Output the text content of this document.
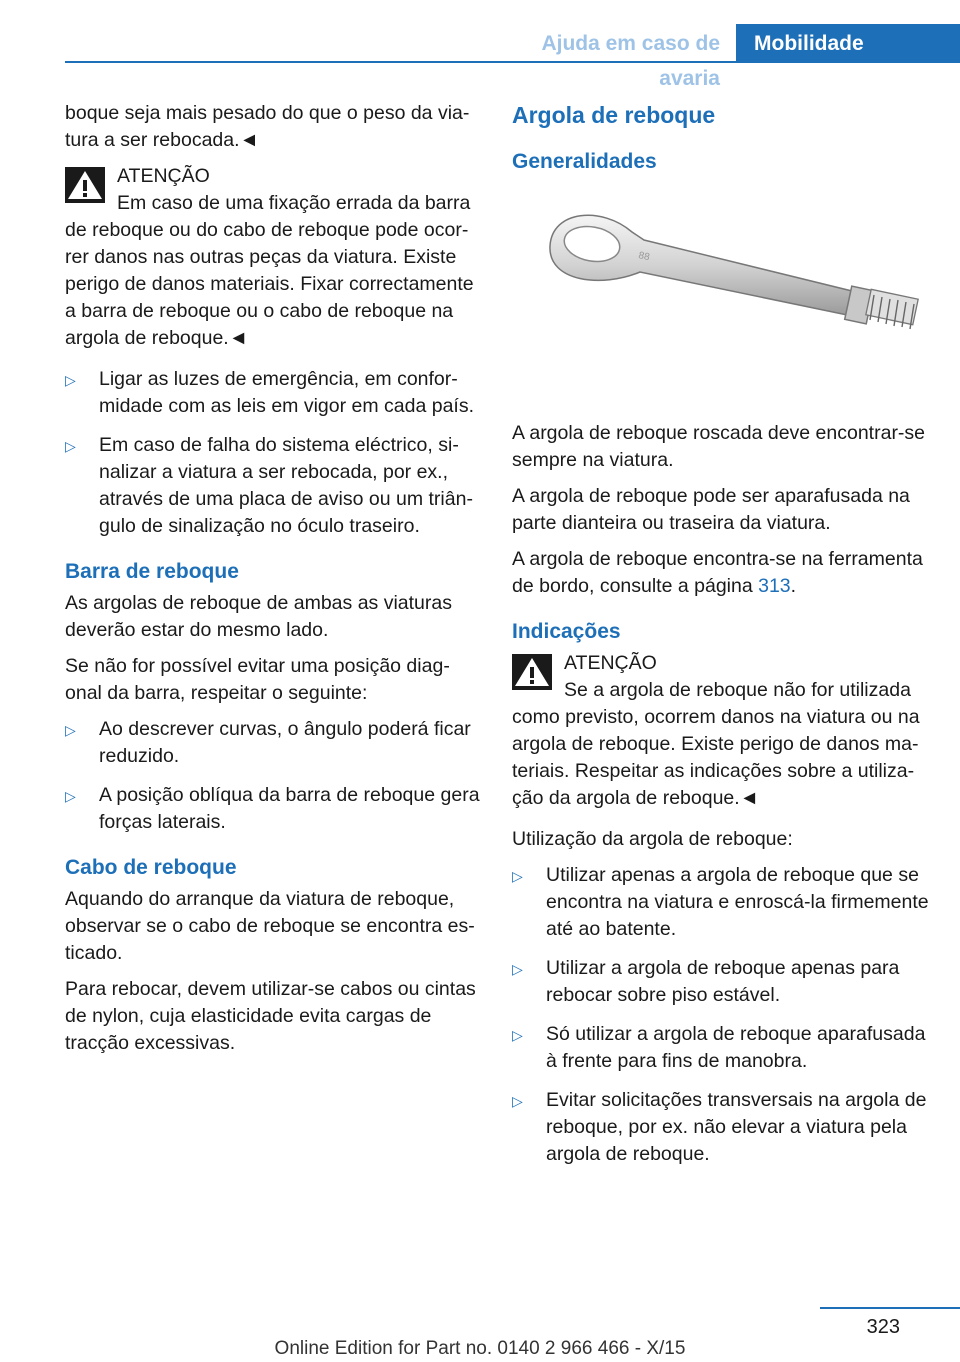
Ajuda em caso de avaria
Mobilidade

boque seja mais pesado do que o peso da viatura a ser rebocada.◄

ATENÇÃO
Em caso de uma fixação errada da barra de reboque ou do cabo de reboque pode ocorrer danos nas outras peças da viatura. Existe perigo de danos materiais. Fixar correctamente a barra de reboque ou o cabo de reboque na argola de reboque.◄
▷ Ligar as luzes de emergência, em conformidade com as leis em vigor em cada país.
▷ Em caso de falha do sistema eléctrico, sinalizar a viatura a ser rebocada, por ex., através de uma placa de aviso ou um triângulo de sinalização no óculo traseiro.
Barra de reboque

As argolas de reboque de ambas as viaturas deverão estar do mesmo lado.

Se não for possível evitar uma posição diagonal da barra, respeitar o seguinte:

▷ Ao descrever curvas, o ângulo poderá ficar reduzido.
▷ A posição oblíqua da barra de reboque gera forças laterais.
Cabo de reboque

Aquando do arranque da viatura de reboque, observar se o cabo de reboque se encontra esticado.

Para rebocar, devem utilizar-se cabos ou cintas de nylon, cuja elasticidade evita cargas de tracção excessivas.

Argola de reboque
Generalidades
88

A argola de reboque roscada deve encontrar-se sempre na viatura.

A argola de reboque pode ser aparafusada na parte dianteira ou traseira da viatura.

A argola de reboque encontra-se na ferramenta de bordo, consulte a página 313.

Indicações
ATENÇÃO
Se a argola de reboque não for utilizada como previsto, ocorrem danos na viatura ou na argola de reboque. Existe perigo de danos materiais. Respeitar as indicações sobre a utilização da argola de reboque.◄

Utilização da argola de reboque:

▷ Utilizar apenas a argola de reboque que se encontra na viatura e enroscá-la firmemente até ao batente.
▷ Utilizar a argola de reboque apenas para rebocar sobre piso estável.
▷ Só utilizar a argola de reboque aparafusada à frente para fins de manobra.
▷ Evitar solicitações transversais na argola de reboque, por ex. não elevar a viatura pela argola de reboque.
323
Online Edition for Part no. 0140 2 966 466 - X/15
